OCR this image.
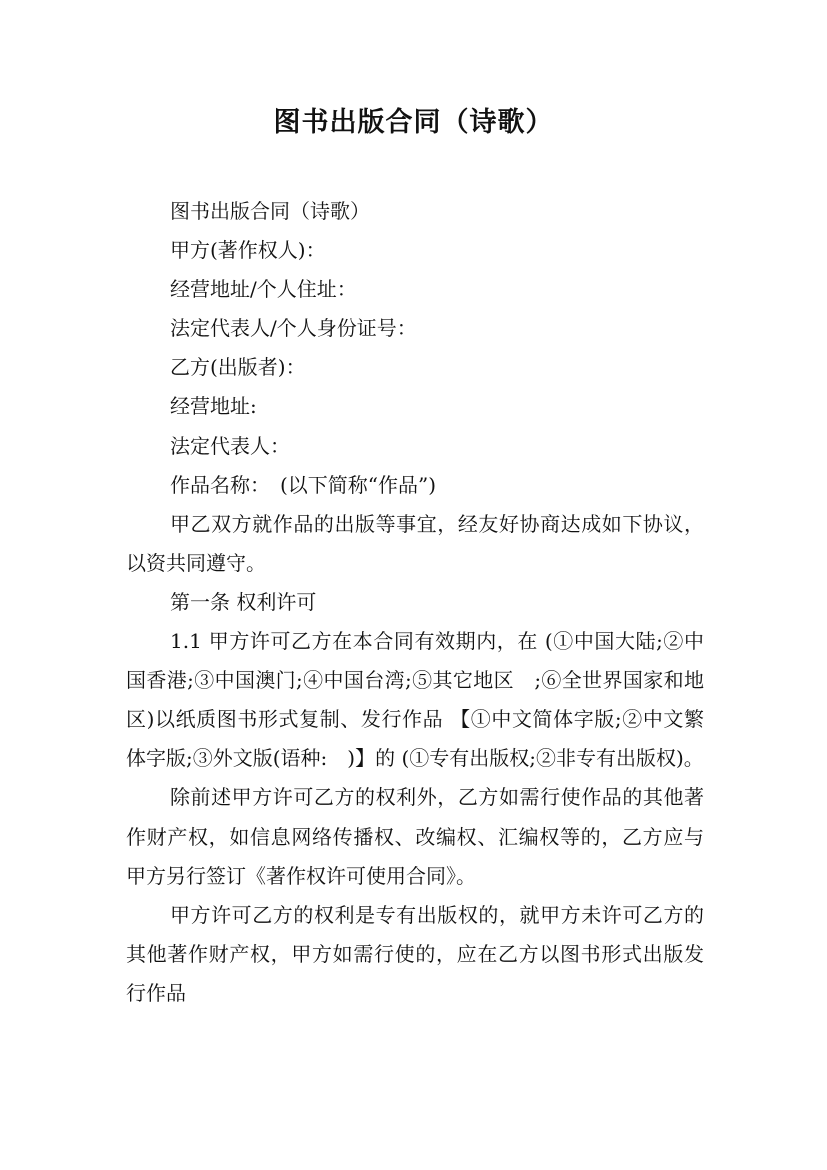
图书出版合同（诗歌）

图书出版合同（诗歌）

甲方(著作权人)：

经营地址/个人住址：

法定代表人/个人身份证号：

乙方(出版者)：

经营地址:

法定代表人：

作品名称：　(以下简称“作品”)

甲乙双方就作品的出版等事宜，经友好协商达成如下协议，以资共同遵守。

第一条 权利许可

1.1 甲方许可乙方在本合同有效期内，在 (①中国大陆;②中国香港;③中国澳门;④中国台湾;⑤其它地区　;⑥全世界国家和地区)以纸质图书形式复制、发行作品 【①中文简体字版;②中文繁体字版;③外文版(语种:　)】的 (①专有出版权;②非专有出版权)。

除前述甲方许可乙方的权利外，乙方如需行使作品的其他著作财产权，如信息网络传播权、改编权、汇编权等的，乙方应与甲方另行签订《著作权许可使用合同》。

甲方许可乙方的权利是专有出版权的，就甲方未许可乙方的其他著作财产权，甲方如需行使的，应在乙方以图书形式出版发行作品
